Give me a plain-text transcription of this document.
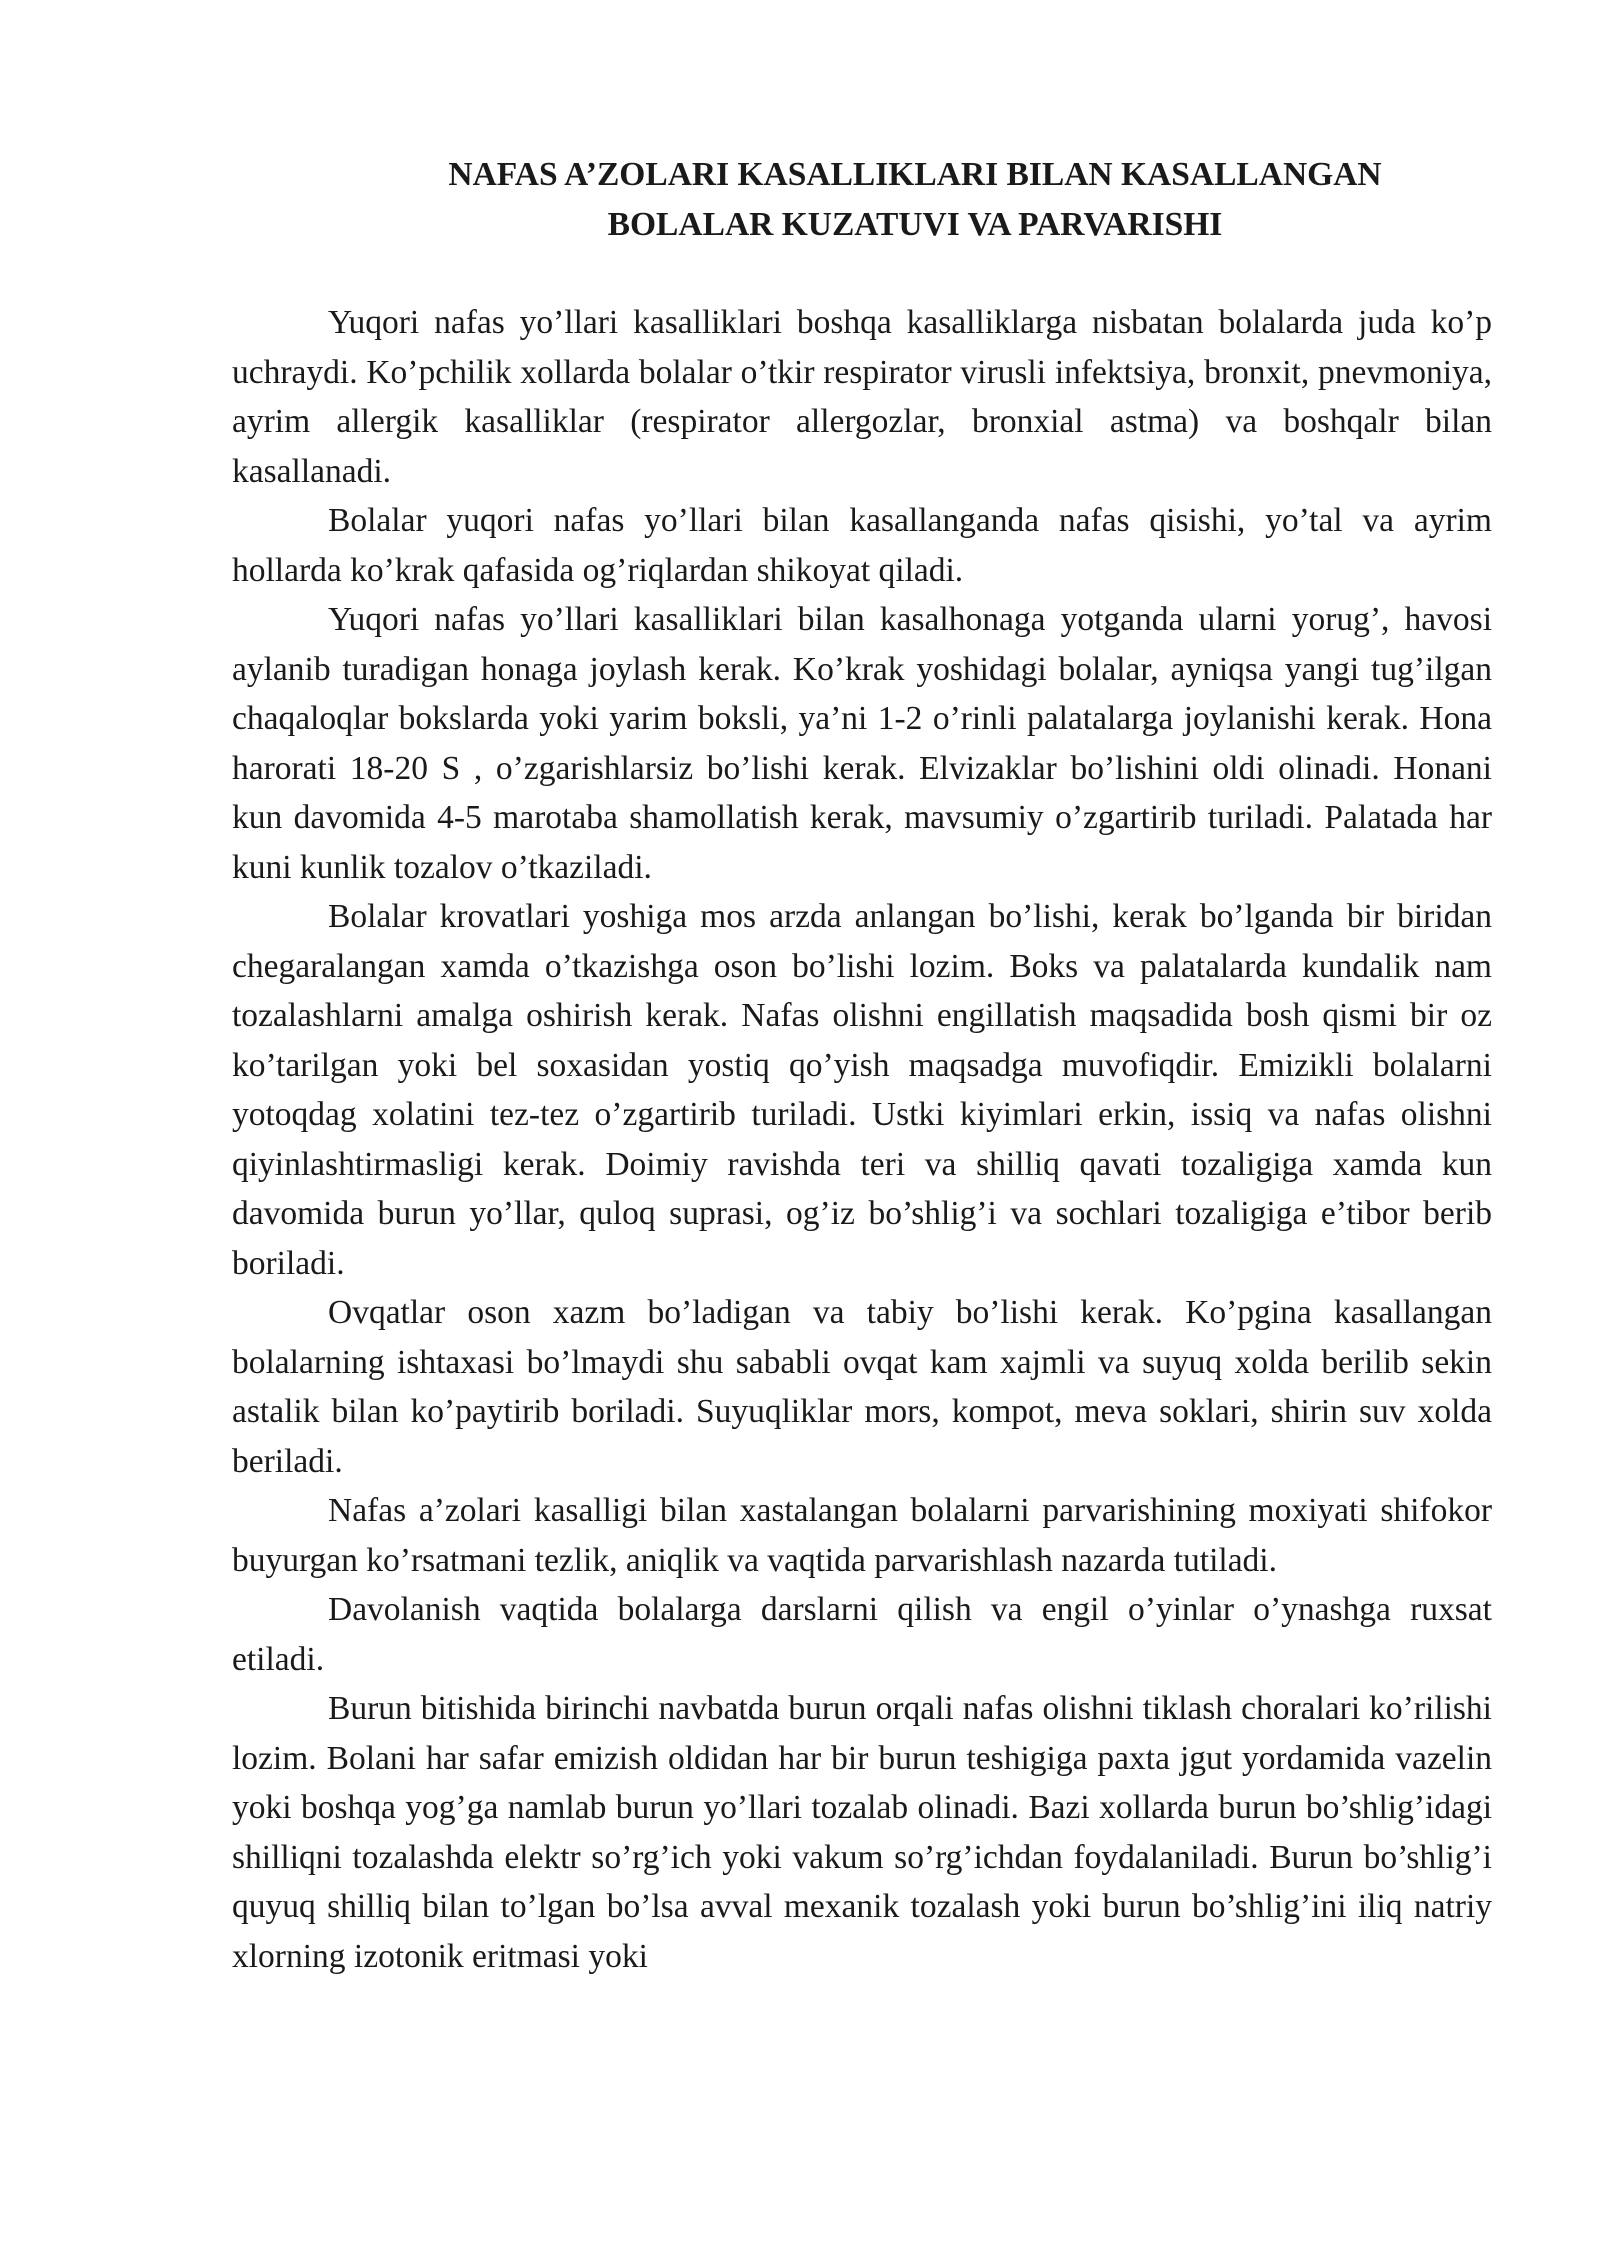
NAFAS A’ZOLARI KASALLIKLARI BILAN KASALLANGAN
BOLALAR KUZATUVI VA PARVARISHI

Yuqori nafas yo’llari kasalliklari boshqa kasalliklarga nisbatan bolalarda juda ko’p uchraydi. Ko’pchilik xollarda bolalar o’tkir respirator virusli infektsiya, bronxit, pnevmoniya, ayrim allergik kasalliklar (respirator allergozlar, bronxial astma) va boshqalr bilan kasallanadi.

Bolalar yuqori nafas yo’llari bilan kasallanganda nafas qisishi, yo’tal va ayrim hollarda ko’krak qafasida og’riqlardan shikoyat qiladi.

Yuqori nafas yo’llari kasalliklari bilan kasalhonaga yotganda ularni yorug’, havosi aylanib turadigan honaga joylash kerak. Ko’krak yoshidagi bolalar, ayniqsa yangi tug’ilgan chaqaloqlar bokslarda yoki yarim boksli, ya’ni 1-2 o’rinli palatalarga joylanishi kerak. Hona harorati 18-20 S , o’zgarishlarsiz bo’lishi kerak. Elvizaklar bo’lishini oldi olinadi. Honani kun davomida 4-5 marotaba shamollatish kerak, mavsumiy o’zgartirib turiladi. Palatada har kuni kunlik tozalov o’tkaziladi.

Bolalar krovatlari yoshiga mos arzda anlangan bo’lishi, kerak bo’lganda bir biridan chegaralangan xamda o’tkazishga oson bo’lishi lozim. Boks va palatalarda kundalik nam tozalashlarni amalga oshirish kerak. Nafas olishni engillatish maqsadida bosh qismi bir oz ko’tarilgan yoki bel soxasidan yostiq qo’yish maqsadga muvofiqdir. Emizikli bolalarni yotoqdag xolatini tez-tez o’zgartirib turiladi. Ustki kiyimlari erkin, issiq va nafas olishni qiyinlashtirmasligi kerak. Doimiy ravishda teri va shilliq qavati tozaligiga xamda kun davomida burun yo’llar, quloq suprasi, og’iz bo’shlig’i va sochlari tozaligiga e’tibor berib boriladi.

Ovqatlar oson xazm bo’ladigan va tabiy bo’lishi kerak. Ko’pgina kasallangan bolalarning ishtaxasi bo’lmaydi shu sababli ovqat kam xajmli va suyuq xolda berilib sekin astalik bilan ko’paytirib boriladi. Suyuqliklar mors, kompot, meva soklari, shirin suv xolda beriladi.

Nafas a’zolari kasalligi bilan xastalangan bolalarni parvarishining moxiyati shifokor buyurgan ko’rsatmani tezlik, aniqlik va vaqtida parvarishlash nazarda tutiladi.

Davolanish vaqtida bolalarga darslarni qilish va engil o’yinlar o’ynashga ruxsat etiladi.

Burun bitishida birinchi navbatda burun orqali nafas olishni tiklash choralari ko’rilishi lozim. Bolani har safar emizish oldidan har bir burun teshigiga paxta jgut yordamida vazelin yoki boshqa yog’ga namlab burun yo’llari tozalab olinadi. Bazi xollarda burun bo’shlig’idagi shilliqni tozalashda elektr so’rg’ich yoki vakum so’rg’ichdan foydalaniladi. Burun bo’shlig’i quyuq shilliq bilan to’lgan bo’lsa avval mexanik tozalash yoki burun bo’shlig’ini iliq natriy xlorning izotonik eritmasi yoki
